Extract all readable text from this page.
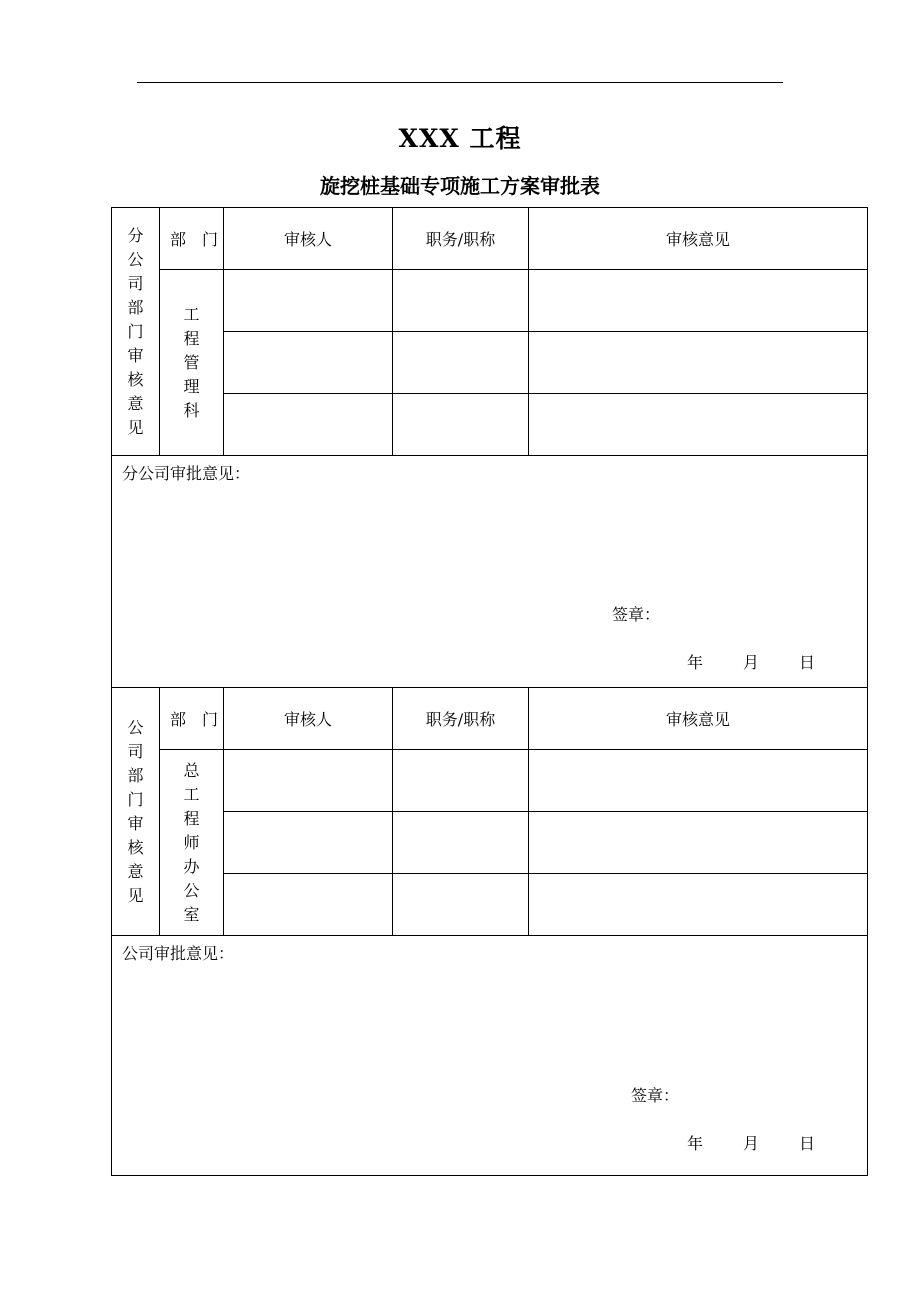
XXX 工程
旋挖桩基础专项施工方案审批表
分公司部门审核意见	部　门	审核人	职务/职称	审核意见
	工程管理科			

分公司审批意见：
签章：
年 月 日				

公司部门审核意见	部　门	审核人	职务/职称	审核意见
	总工程师办公室			

公司审批意见：
签章：
年 月 日				
